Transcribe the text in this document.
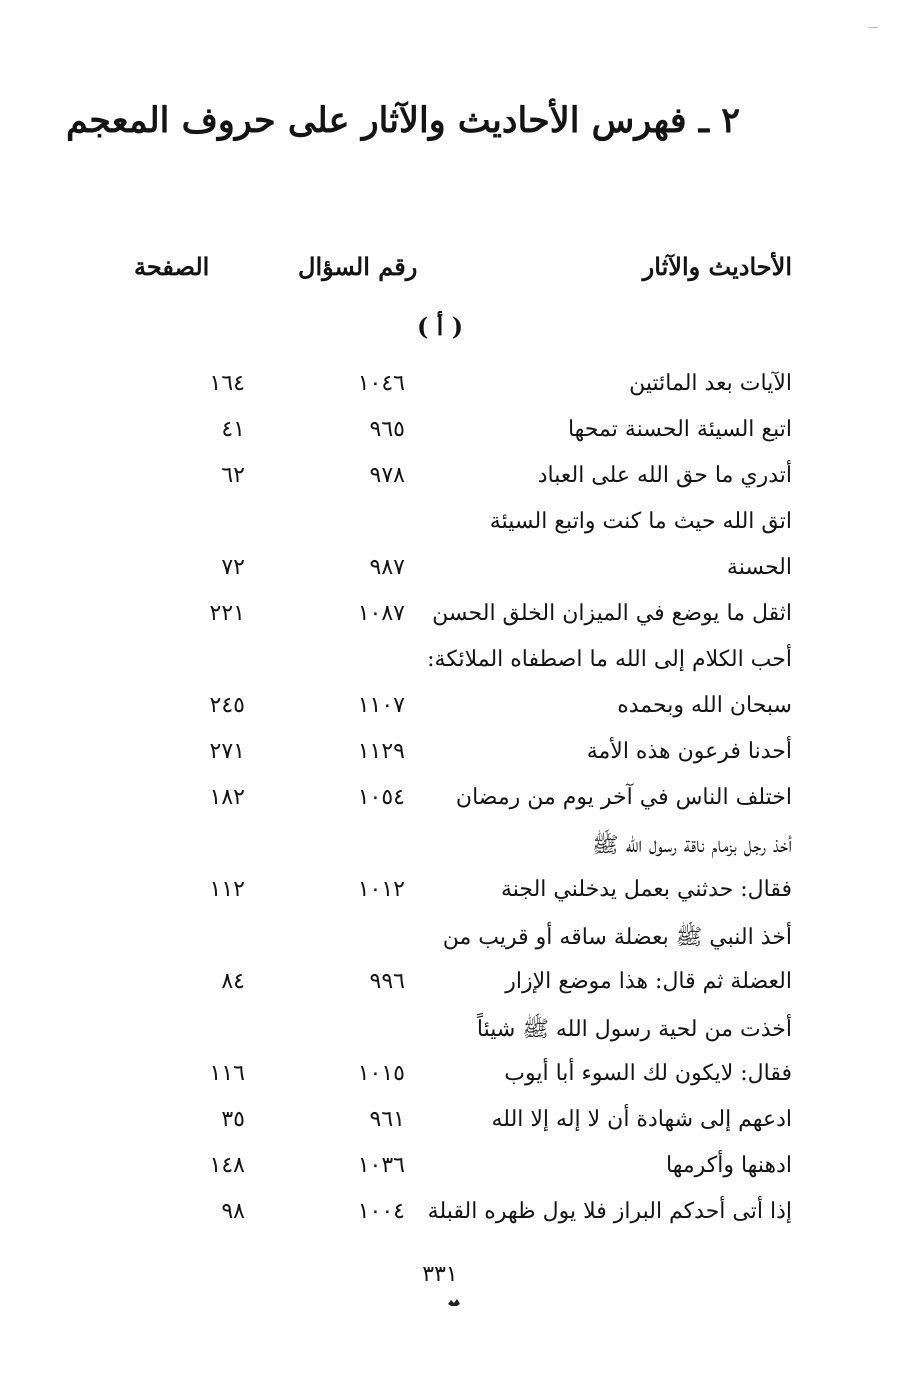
٢ ـ فهرس الأحاديث والآثار على حروف المعجم
الأحاديث والآثار
رقم السؤال
الصفحة
( أ )
الآيات بعد المائتين
١٠٤٦
١٦٤
اتبع السيئة الحسنة تمحها
٩٦٥
٤١
أتدري ما حق الله على العباد
٩٧٨
٦٢
اتق الله حيث ما كنت واتبع السيئة
الحسنة
٩٨٧
٧٢
اثقل ما يوضع في الميزان الخلق الحسن
١٠٨٧
٢٢١
أحب الكلام إلى الله ما اصطفاه الملائكة:
سبحان الله وبحمده
١١٠٧
٢٤٥
أحدنا فرعون هذه الأمة
١١٢٩
٢٧١
اختلف الناس في آخر يوم من رمضان
١٠٥٤
١٨٢
أخذ رجل بزمام ناقة رسول الله ﷺ
فقال: حدثني بعمل يدخلني الجنة
١٠١٢
١١٢
أخذ النبي ﷺ بعضلة ساقه أو قريب من
العضلة ثم قال: هذا موضع الإزار
٩٩٦
٨٤
أخذت من لحية رسول الله ﷺ شيئاً
فقال: لايكون لك السوء أبا أيوب
١٠١٥
١١٦
ادعهم إلى شهادة أن لا إله إلا الله
٩٦١
٣٥
ادهنها وأكرمها
١٠٣٦
١٤٨
إذا أتى أحدكم البراز فلا يول ظهره القبلة
١٠٠٤
٩٨
٣٣١
